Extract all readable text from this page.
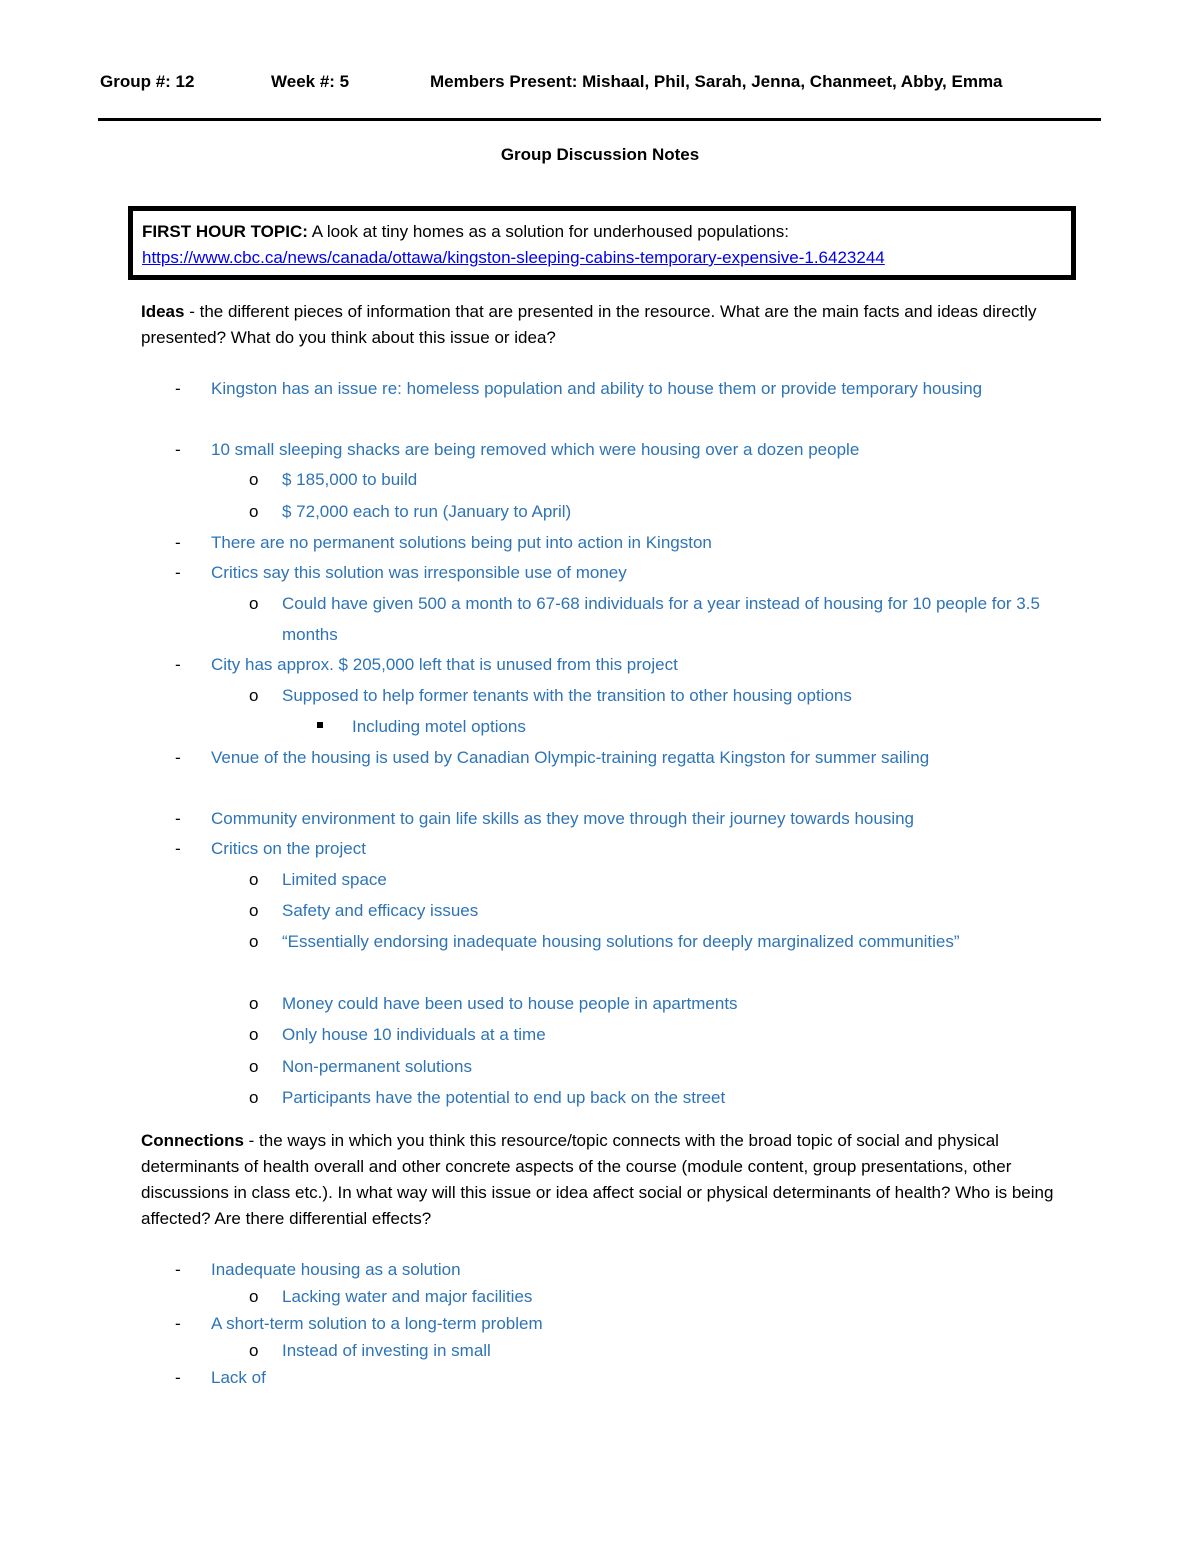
Group #: 12	Week #: 5	Members Present: Mishaal, Phil, Sarah, Jenna, Chanmeet, Abby, Emma
Group Discussion Notes
FIRST HOUR TOPIC: A look at tiny homes as a solution for underhoused populations:
https://www.cbc.ca/news/canada/ottawa/kingston-sleeping-cabins-temporary-expensive-1.6423244
Ideas - the different pieces of information that are presented in the resource. What are the main facts and ideas directly presented? What do you think about this issue or idea?
- Kingston has an issue re: homeless population and ability to house them or provide temporary housing
- 10 small sleeping shacks are being removed which were housing over a dozen people
o $ 185,000 to build
o $ 72,000 each to run (January to April)
- There are no permanent solutions being put into action in Kingston
- Critics say this solution was irresponsible use of money
o Could have given 500 a month to 67-68 individuals for a year instead of housing for 10 people for 3.5 months
- City has approx. $ 205,000 left that is unused from this project
o Supposed to help former tenants with the transition to other housing options
Including motel options
- Venue of the housing is used by Canadian Olympic-training regatta Kingston for summer sailing
- Community environment to gain life skills as they move through their journey towards housing
- Critics on the project
o Limited space
o Safety and efficacy issues
o “Essentially endorsing inadequate housing solutions for deeply marginalized communities”
o Money could have been used to house people in apartments
o Only house 10 individuals at a time
o Non-permanent solutions
o Participants have the potential to end up back on the street
Connections - the ways in which you think this resource/topic connects with the broad topic of social and physical determinants of health overall and other concrete aspects of the course (module content, group presentations, other discussions in class etc.). In what way will this issue or idea affect social or physical determinants of health? Who is being affected? Are there differential effects?
- Inadequate housing as a solution
o Lacking water and major facilities
- A short-term solution to a long-term problem
o Instead of investing in small
- Lack of
